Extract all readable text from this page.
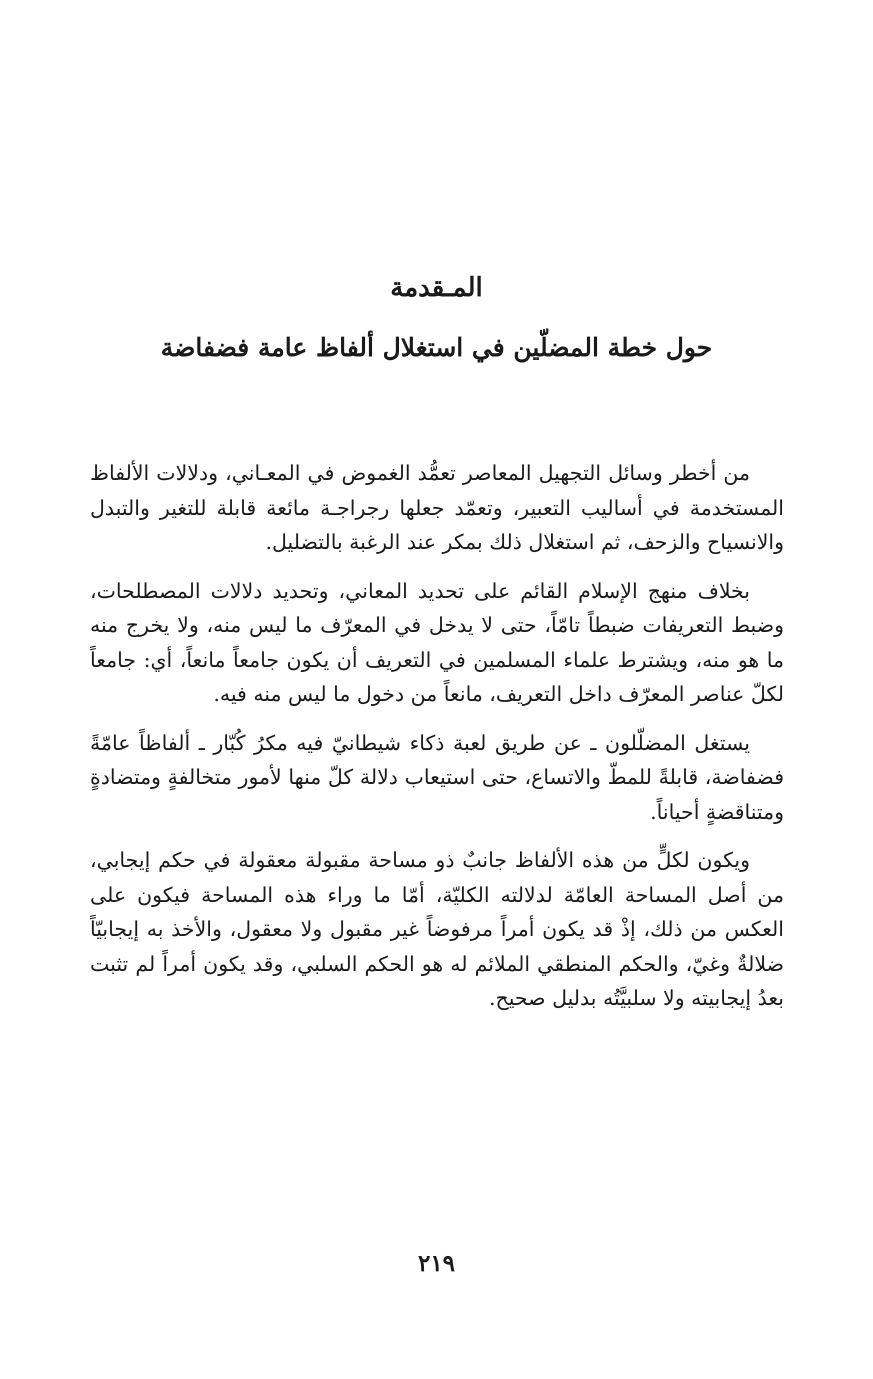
المـقدمة
حول خطة المضلّين في استغلال ألفاظ عامة فضفاضة

من أخطر وسائل التجهيل المعاصر تعمُّد الغموض في المعـاني، ودلالات الألفاظ المستخدمة في أساليب التعبير، وتعمّد جعلها رجراجـة مائعة قابلة للتغير والتبدل والانسياح والزحف، ثم استغلال ذلك بمكر عند الرغبة بالتضليل.

بخلاف منهج الإسلام القائم على تحديد المعاني، وتحديد دلالات المصطلحات، وضبط التعريفات ضبطاً تامّاً، حتى لا يدخل في المعرّف ما ليس منه، ولا يخرج منه ما هو منه، ويشترط علماء المسلمين في التعريف أن يكون جامعاً مانعاً، أي: جامعاً لكلّ عناصر المعرّف داخل التعريف، مانعاً من دخول ما ليس منه فيه.

يستغل المضلّلون ـ عن طريق لعبة ذكاء شيطانيّ فيه مكرُ كُبّار ـ ألفاظاً عامّةً فضفاضة، قابلةً للمطّ والاتساع، حتى استيعاب دلالة كلّ منها لأمور متخالفةٍ ومتضادةٍ ومتناقضةٍ أحياناً.

ويكون لكلٍّ من هذه الألفاظ جانبٌ ذو مساحة مقبولة معقولة في حكم إيجابي، من أصل المساحة العامّة لدلالته الكليّة، أمّا ما وراء هذه المساحة فيكون على العكس من ذلك، إذْ قد يكون أمراً مرفوضاً غير مقبول ولا معقول، والأخذ به إيجابيّاً ضلالةٌ وغيّ، والحكم المنطقي الملائم له هو الحكم السلبي، وقد يكون أمراً لم تثبت بعدُ إيجابيته ولا سلبيَّتُه بدليل صحيح.

٢١٩
